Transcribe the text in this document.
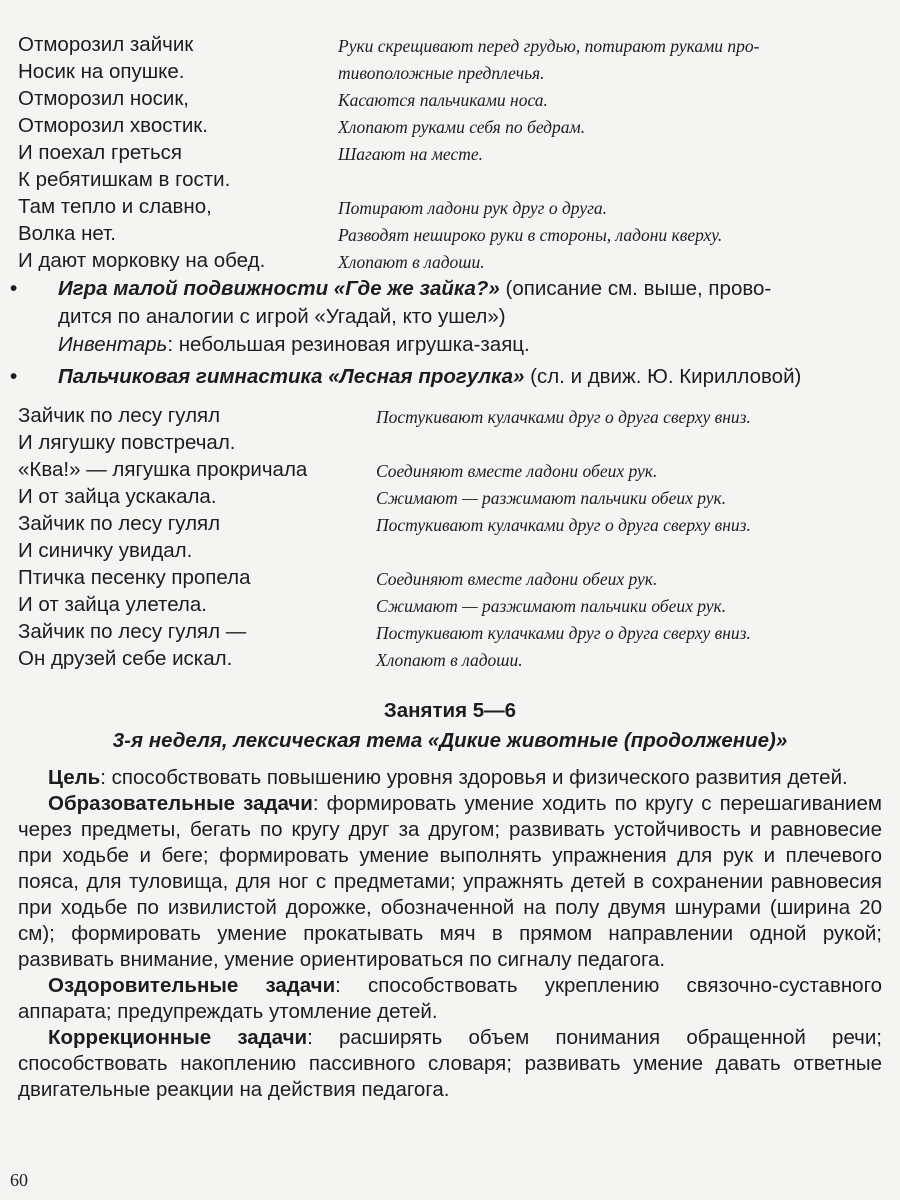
Отморозил зайчик	Руки скрещивают перед грудью, потирают руками про-
Носик на опушке.	тивоположные предплечья.
Отморозил носик,	Касаются пальчиками носа.
Отморозил хвостик.	Хлопают руками себя по бедрам.
И поехал греться	Шагают на месте.
К ребятишкам в гости.
Там тепло и славно,	Потирают ладони рук друг о друга.
Волка нет.	Разводят нешироко руки в стороны, ладони кверху.
И дают морковку на обед.	Хлопают в ладоши.
• Игра малой подвижности «Где же зайка?» (описание см. выше, прово-
дится по аналогии с игрой «Угадай, кто ушел»)
Инвентарь: небольшая резиновая игрушка-заяц.
• Пальчиковая гимнастика «Лесная прогулка» (сл. и движ. Ю. Кирилловой)
Зайчик по лесу гулял	Постукивают кулачками друг о друга сверху вниз.
И лягушку повстречал.
«Ква!» — лягушка прокричала	Соединяют вместе ладони обеих рук.
И от зайца ускакала.	Сжимают — разжимают пальчики обеих рук.
Зайчик по лесу гулял	Постукивают кулачками друг о друга сверху вниз.
И синичку увидал.
Птичка песенку пропела	Соединяют вместе ладони обеих рук.
И от зайца улетела.	Сжимают — разжимают пальчики обеих рук.
Зайчик по лесу гулял —	Постукивают кулачками друг о друга сверху вниз.
Он друзей себе искал.	Хлопают в ладоши.
Занятия 5—6
3-я неделя, лексическая тема «Дикие животные (продолжение)»

Цель: способствовать повышению уровня здоровья и физического развития детей.

Образовательные задачи: формировать умение ходить по кругу с перешагиванием через предметы, бегать по кругу друг за другом; развивать устойчивость и равновесие при ходьбе и беге; формировать умение выполнять упражнения для рук и плечевого пояса, для туловища, для ног с предметами; упражнять детей в сохранении равновесия при ходьбе по извилистой дорожке, обозначенной на полу двумя шнурами (ширина 20 см); формировать умение прокатывать мяч в прямом направлении одной рукой; развивать внимание, умение ориентироваться по сигналу педагога.

Оздоровительные задачи: способствовать укреплению связочно-суставного аппарата; предупреждать утомление детей.

Коррекционные задачи: расширять объем понимания обращенной речи; способствовать накоплению пассивного словаря; развивать умение давать ответные двигательные реакции на действия педагога.

60
